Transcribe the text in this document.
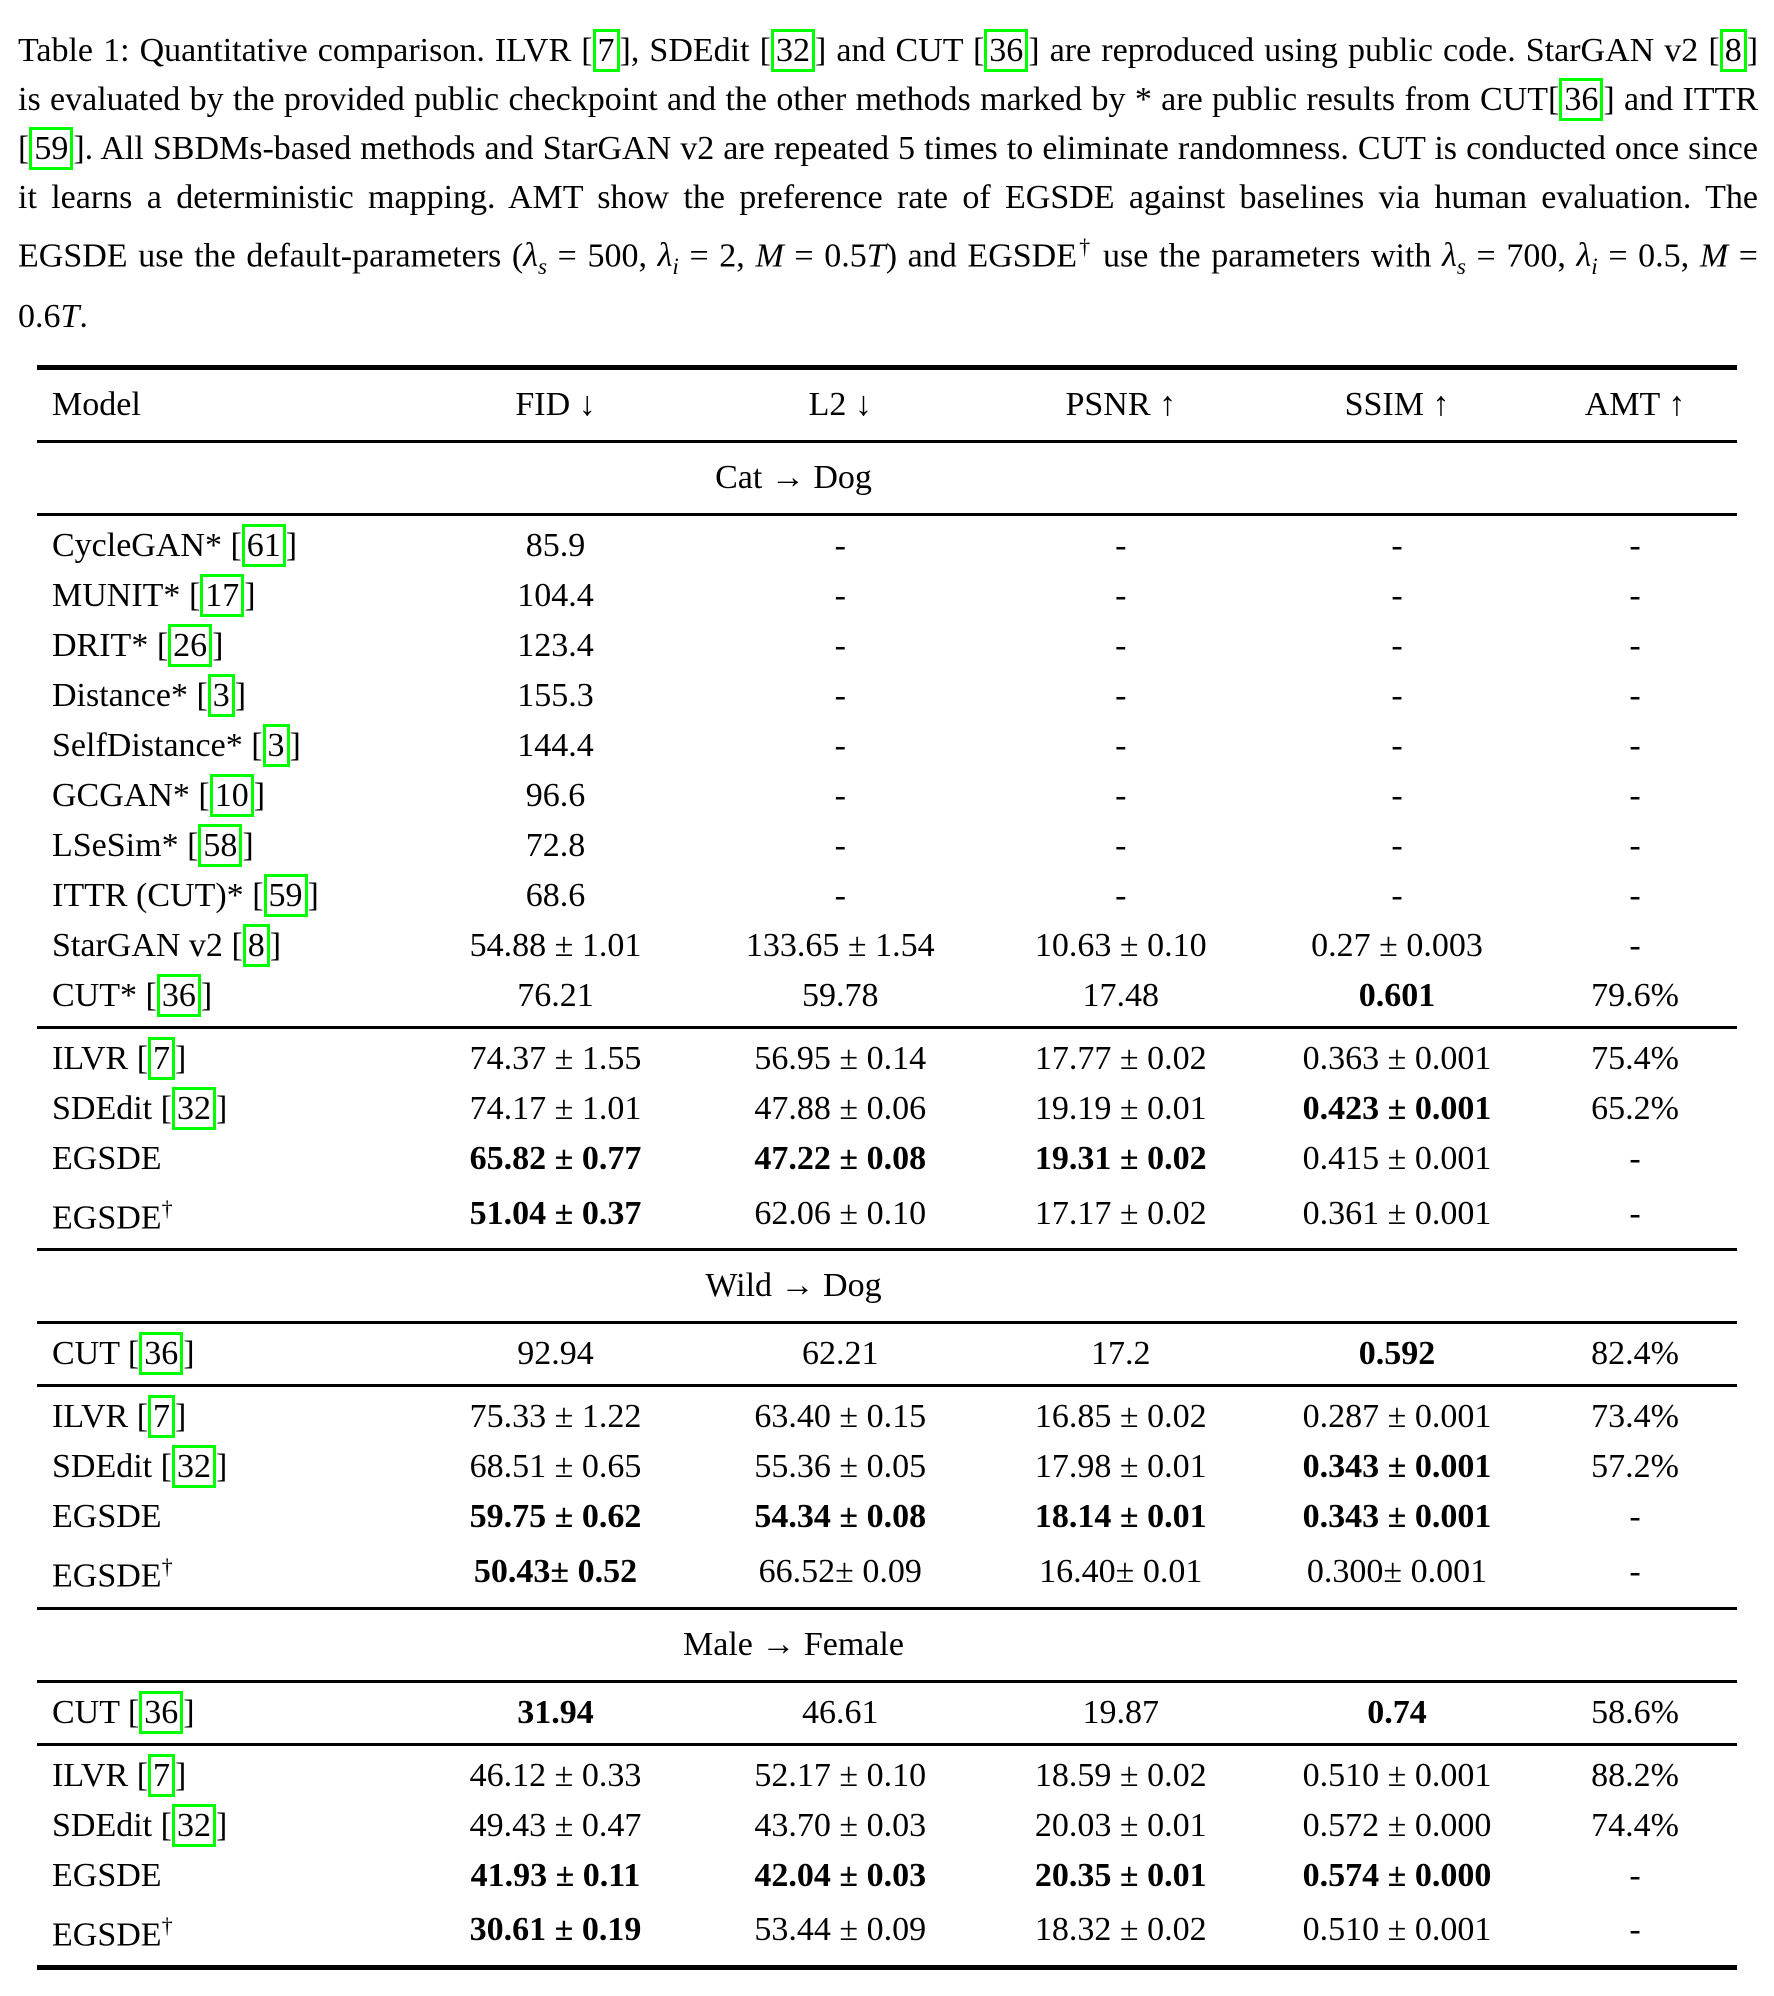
Table 1: Quantitative comparison. ILVR [ 7 ], SDEdit [ 32 ] and CUT [ 36 ] are reproduced using public code. StarGAN v2 [ 8 ] is evaluated by the provided public checkpoint and the other methods marked by * are public results from CUT[ 36 ] and ITTR [ 59 ]. All SBDMs-based methods and StarGAN v2 are repeated 5 times to eliminate randomness. CUT is conducted once since it learns a deterministic mapping. AMT show the preference rate of EGSDE against baselines via human evaluation. The EGSDE use the default-parameters ($\lambda_s = 500$, $\lambda_i = 2$, M = 0.5T) and EGSDE† use the parameters with $\lambda_s = 700$, $\lambda_i = 0.5$, M = 0.6T.

Model	FID ↓	L2 ↓	PSNR ↑	SSIM ↑	AMT ↑

Cat → Dog					

CycleGAN* [ 61 ]	85.9	-	-	-	-
MUNIT* [ 17 ]	104.4	-	-	-	-
DRIT* [ 26 ]	123.4	-	-	-	-
Distance* [ 3 ]	155.3	-	-	-	-
SelfDistance* [ 3 ]	144.4	-	-	-	-
GCGAN* [ 10 ]	96.6	-	-	-	-
LSeSim* [ 58 ]	72.8	-	-	-	-
ITTR (CUT)* [ 59 ]	68.6	-	-	-	-
StarGAN v2 [ 8 ]	54.88 ± 1.01	133.65 ± 1.54	10.63 ± 0.10	0.27 ± 0.003	-
CUT* [ 36 ]	76.21	59.78	17.48	0.601	79.6%

ILVR [ 7 ]	74.37 ± 1.55	56.95 ± 0.14	17.77 ± 0.02	0.363 ± 0.001	75.4%
SDEdit [ 32 ]	74.17 ± 1.01	47.88 ± 0.06	19.19 ± 0.01	0.423 ± 0.001	65.2%
EGSDE	65.82 ± 0.77	47.22 ± 0.08	19.31 ± 0.02	0.415 ± 0.001	-
EGSDE†	51.04 ± 0.37	62.06 ± 0.10	17.17 ± 0.02	0.361 ± 0.001	-

Wild → Dog					

CUT [ 36 ]	92.94	62.21	17.2	0.592	82.4%

ILVR [ 7 ]	75.33 ± 1.22	63.40 ± 0.15	16.85 ± 0.02	0.287 ± 0.001	73.4%
SDEdit [ 32 ]	68.51 ± 0.65	55.36 ± 0.05	17.98 ± 0.01	0.343 ± 0.001	57.2%
EGSDE	59.75 ± 0.62	54.34 ± 0.08	18.14 ± 0.01	0.343 ± 0.001	-
EGSDE†	50.43± 0.52	66.52± 0.09	16.40± 0.01	0.300± 0.001	-

Male → Female					

CUT [ 36 ]	31.94	46.61	19.87	0.74	58.6%

ILVR [ 7 ]	46.12 ± 0.33	52.17 ± 0.10	18.59 ± 0.02	0.510 ± 0.001	88.2%
SDEdit [ 32 ]	49.43 ± 0.47	43.70 ± 0.03	20.03 ± 0.01	0.572 ± 0.000	74.4%
EGSDE	41.93 ± 0.11	42.04 ± 0.03	20.35 ± 0.01	0.574 ± 0.000	-
EGSDE†	30.61 ± 0.19	53.44 ± 0.09	18.32 ± 0.02	0.510 ± 0.001	-
